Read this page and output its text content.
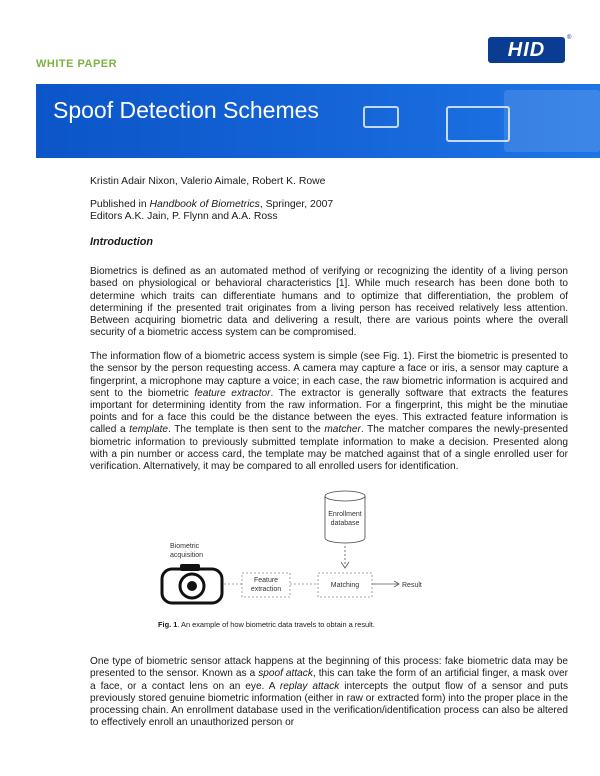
WHITE PAPER
HID
®
Spoof Detection Schemes
Kristin Adair Nixon, Valerio Aimale, Robert K. Rowe
Published in Handbook of Biometrics, Springer, 2007
Editors A.K. Jain, P. Flynn and A.A. Ross
Introduction

Biometrics is defined as an automated method of verifying or recognizing the identity of a living person based on physiological or behavioral characteristics [1]. While much research has been done both to determine which traits can differentiate humans and to optimize that differentiation, the problem of determining if the presented trait originates from a living person has received relatively less attention. Between acquiring biometric data and delivering a result, there are various points where the overall security of a biometric access system can be compromised.

The information flow of a biometric access system is simple (see Fig. 1). First the biometric is presented to the sensor by the person requesting access. A camera may capture a face or iris, a sensor may capture a fingerprint, a microphone may capture a voice; in each case, the raw biometric information is acquired and sent to the biometric feature extractor. The extractor is generally software that extracts the features important for determining identity from the raw information. For a fingerprint, this might be the minutiae points and for a face this could be the distance between the eyes. This extracted feature information is called a template. The template is then sent to the matcher. The matcher compares the newly-presented biometric information to previously submitted template information to make a decision. Presented along with a pin number or access card, the template may be matched against that of a single enrolled user for verification. Alternatively, it may be compared to all enrolled users for identification.

Enrollment
database
Biometric
acquisition
Feature
extraction
Matching	Result
Fig. 1. An example of how biometric data travels to obtain a result.

One type of biometric sensor attack happens at the beginning of this process: fake biometric data may be presented to the sensor. Known as a spoof attack, this can take the form of an artificial finger, a mask over a face, or a contact lens on an eye. A replay attack intercepts the output flow of a sensor and puts previously stored genuine biometric information (either in raw or extracted form) into the proper place in the processing chain. An enrollment database used in the verification/identification process can also be altered to effectively enroll an unauthorized person or
